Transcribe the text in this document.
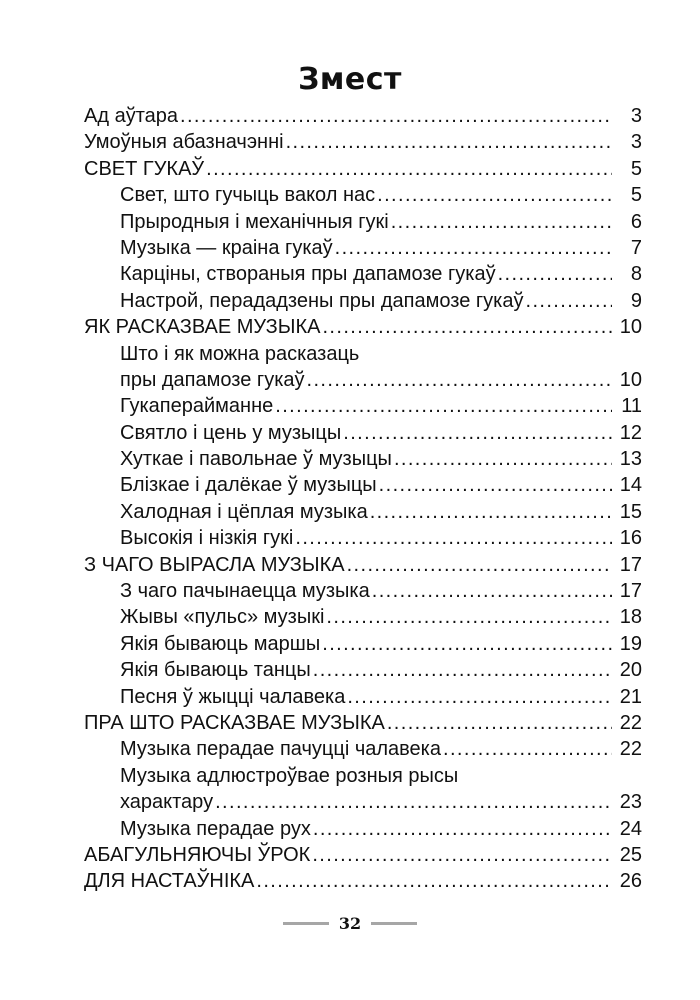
Змест
Ад аўтара .....	3
Умоўныя абазначэнні .....	3
СВЕТ ГУКАЎ .....	5
Свет, што гучыць вакол нас .....	5
Прыродныя і механічныя гукі .....	6
Музыка — краіна гукаў .....	7
Карціны, створаныя пры дапамозе гукаў .....	8
Настрой, перададзены пры дапамозе гукаў .....	9
ЯК РАСКАЗВАЕ МУЗЫКА .....	10
Што і як можна расказаць
пры дапамозе гукаў .....	10
Гукаперайманне .....	11
Святло і цень у музыцы .....	12
Хуткае і павольнае ў музыцы .....	13
Блізкае і далёкае ў музыцы .....	14
Халодная і цёплая музыка .....	15
Высокія і нізкія гукі .....	16
З ЧАГО ВЫРАСЛА МУЗЫКА .....	17
З чаго пачынаецца музыка .....	17
Жывы «пульс» музыкі .....	18
Якія бываюць маршы .....	19
Якія бываюць танцы .....	20
Песня ў жыцці чалавека .....	21
ПРА ШТО РАСКАЗВАЕ МУЗЫКА .....	22
Музыка перадае пачуцці чалавека .....	22
Музыка адлюстроўвае розныя рысы
характару .....	23
Музыка перадае рух .....	24
АБАГУЛЬНЯЮЧЫ ЎРОК .....	25
ДЛЯ НАСТАЎНІКА .....	26
32
